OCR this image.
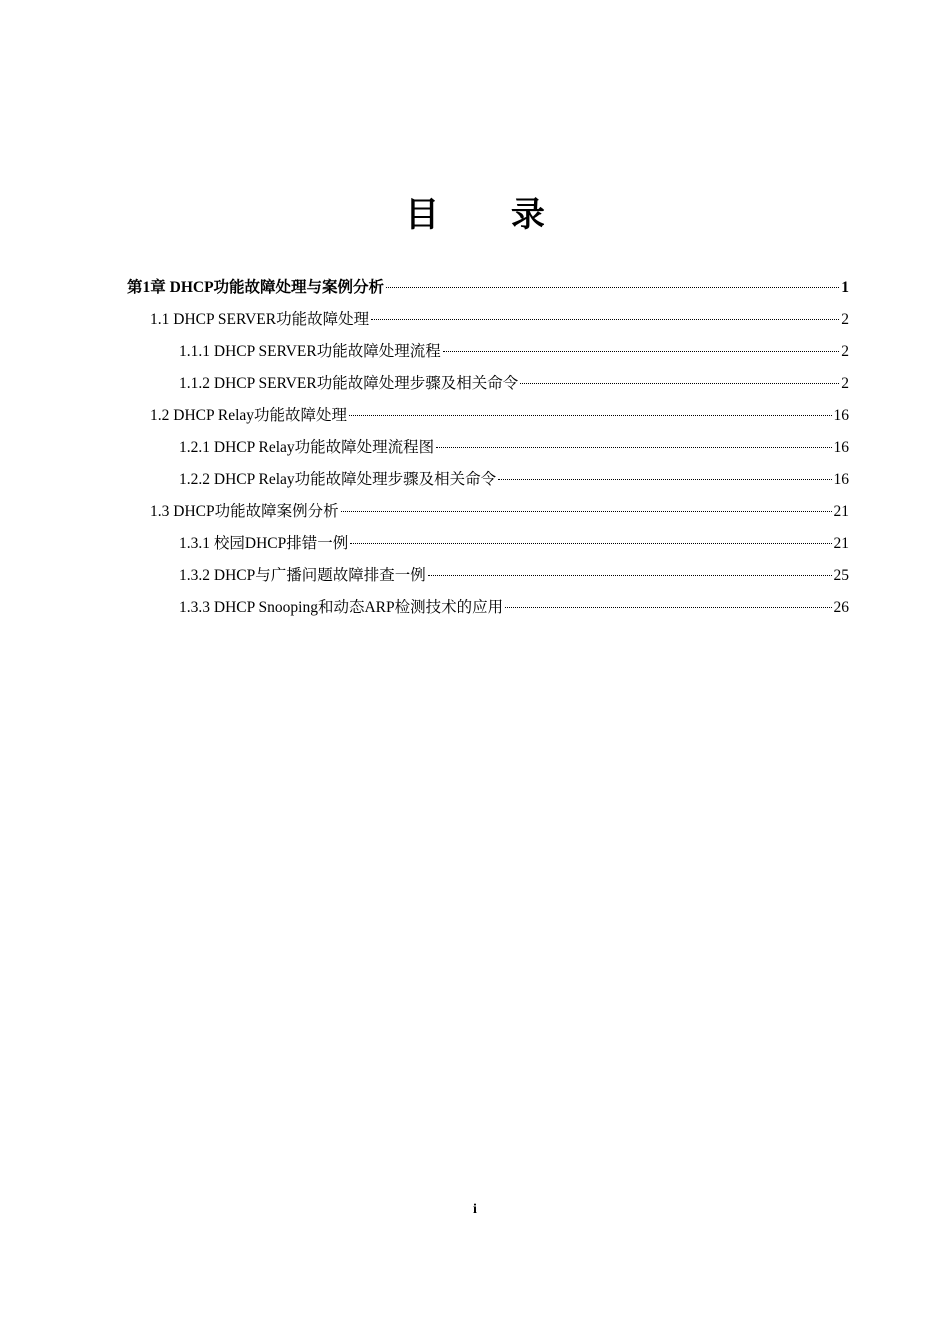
目 录
第1章 DHCP功能故障处理与案例分析	1
1.1 DHCP SERVER功能故障处理	2
1.1.1 DHCP SERVER功能故障处理流程	2
1.1.2 DHCP SERVER功能故障处理步骤及相关命令	2
1.2 DHCP Relay功能故障处理	16
1.2.1 DHCP Relay功能故障处理流程图	16
1.2.2 DHCP Relay功能故障处理步骤及相关命令	16
1.3 DHCP功能故障案例分析	21
1.3.1 校园DHCP排错一例	21
1.3.2 DHCP与广播问题故障排查一例	25
1.3.3 DHCP Snooping和动态ARP检测技术的应用	26
i
